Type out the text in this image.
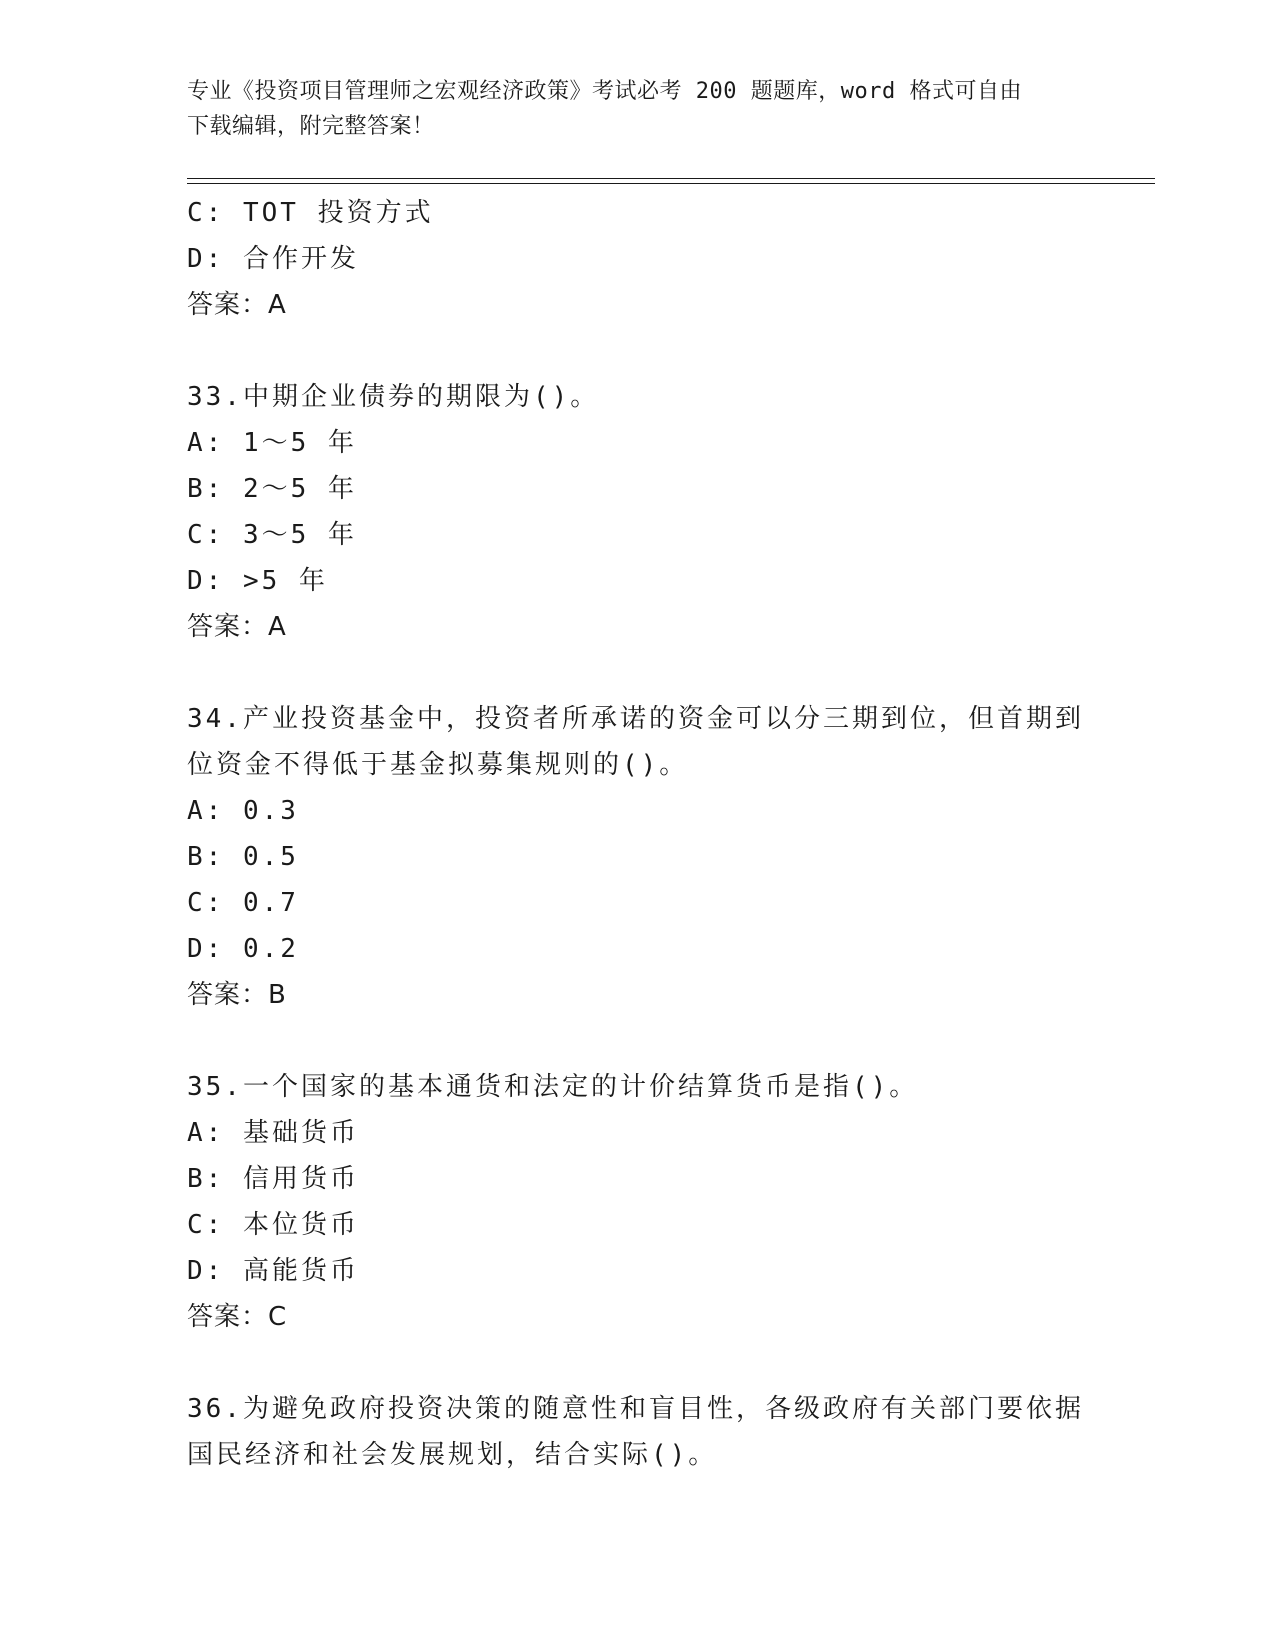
专业《投资项目管理师之宏观经济政策》考试必考 200 题题库，word 格式可自由
下载编辑，附完整答案！
C: TOT 投资方式
D: 合作开发
答案：A
33.中期企业债券的期限为()。
A: 1～5 年
B: 2～5 年
C: 3～5 年
D: >5 年
答案：A
34.产业投资基金中，投资者所承诺的资金可以分三期到位，但首期到
位资金不得低于基金拟募集规则的()。
A: 0.3
B: 0.5
C: 0.7
D: 0.2
答案：B
35.一个国家的基本通货和法定的计价结算货币是指()。
A: 基础货币
B: 信用货币
C: 本位货币
D: 高能货币
答案：C
36.为避免政府投资决策的随意性和盲目性，各级政府有关部门要依据
国民经济和社会发展规划，结合实际()。
